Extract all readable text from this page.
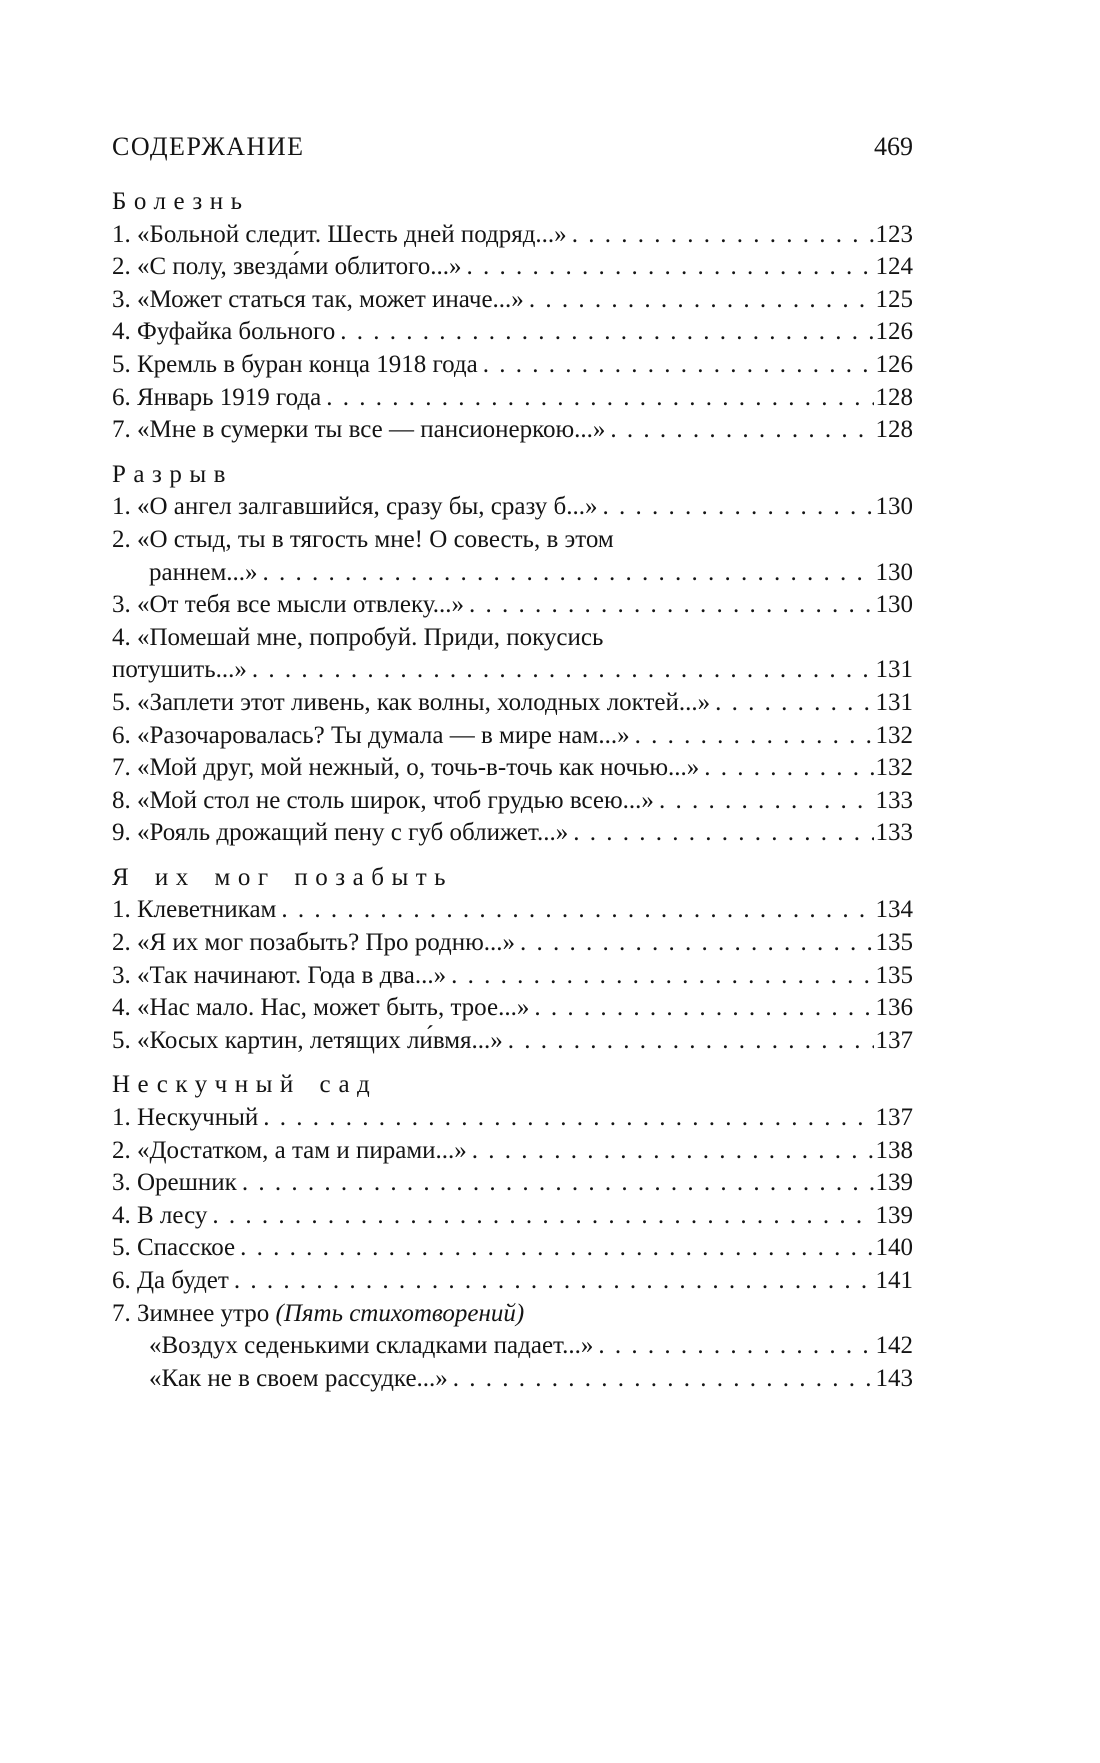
СОДЕРЖАНИЕ	469
Болезнь
1. «Больной следит. Шесть дней подряд...» . . .	123
2. «С полу, звезда́ми облитого...» . . .	124
3. «Может статься так, может иначе...» . . .	125
4. Фуфайка больного . . .	126
5. Кремль в буран конца 1918 года . . .	126
6. Январь 1919 года . . .	128
7. «Мне в сумерки ты все — пансионеркою...» . . .	128
Разрыв
1. «О ангел залгавшийся, сразу бы, сразу б...» . . .	130
2. «О стыд, ты в тягость мне! О совесть, в этом
раннем...» . . .	130
3. «От тебя все мысли отвлеку...» . . .	130
4. «Помешай мне, попробуй. Приди, покусись
потушить...» . . .	131
5. «Заплети этот ливень, как волны, холодных локтей...» . . .	131
6. «Разочаровалась? Ты думала — в мире нам...» . . .	132
7. «Мой друг, мой нежный, о, точь-в-точь как ночью...» . . .	132
8. «Мой стол не столь широк, чтоб грудью всею...» . . .	133
9. «Рояль дрожащий пену с губ оближет...» . . .	133
Я их мог позабыть
1. Клеветникам . . .	134
2. «Я их мог позабыть? Про родню...» . . .	135
3. «Так начинают. Года в два...» . . .	135
4. «Нас мало. Нас, может быть, трое...» . . .	136
5. «Косых картин, летящих ли́вмя...» . . .	137
Нескучный сад
1. Нескучный . . .	137
2. «Достатком, а там и пирами...» . . .	138
3. Орешник . . .	139
4. В лесу . . .	139
5. Спасское . . .	140
6. Да будет . . .	141
7. Зимнее утро (Пять стихотворений)
«Воздух седенькими складками падает...» . . .	142
«Как не в своем рассудке...» . . .	143
